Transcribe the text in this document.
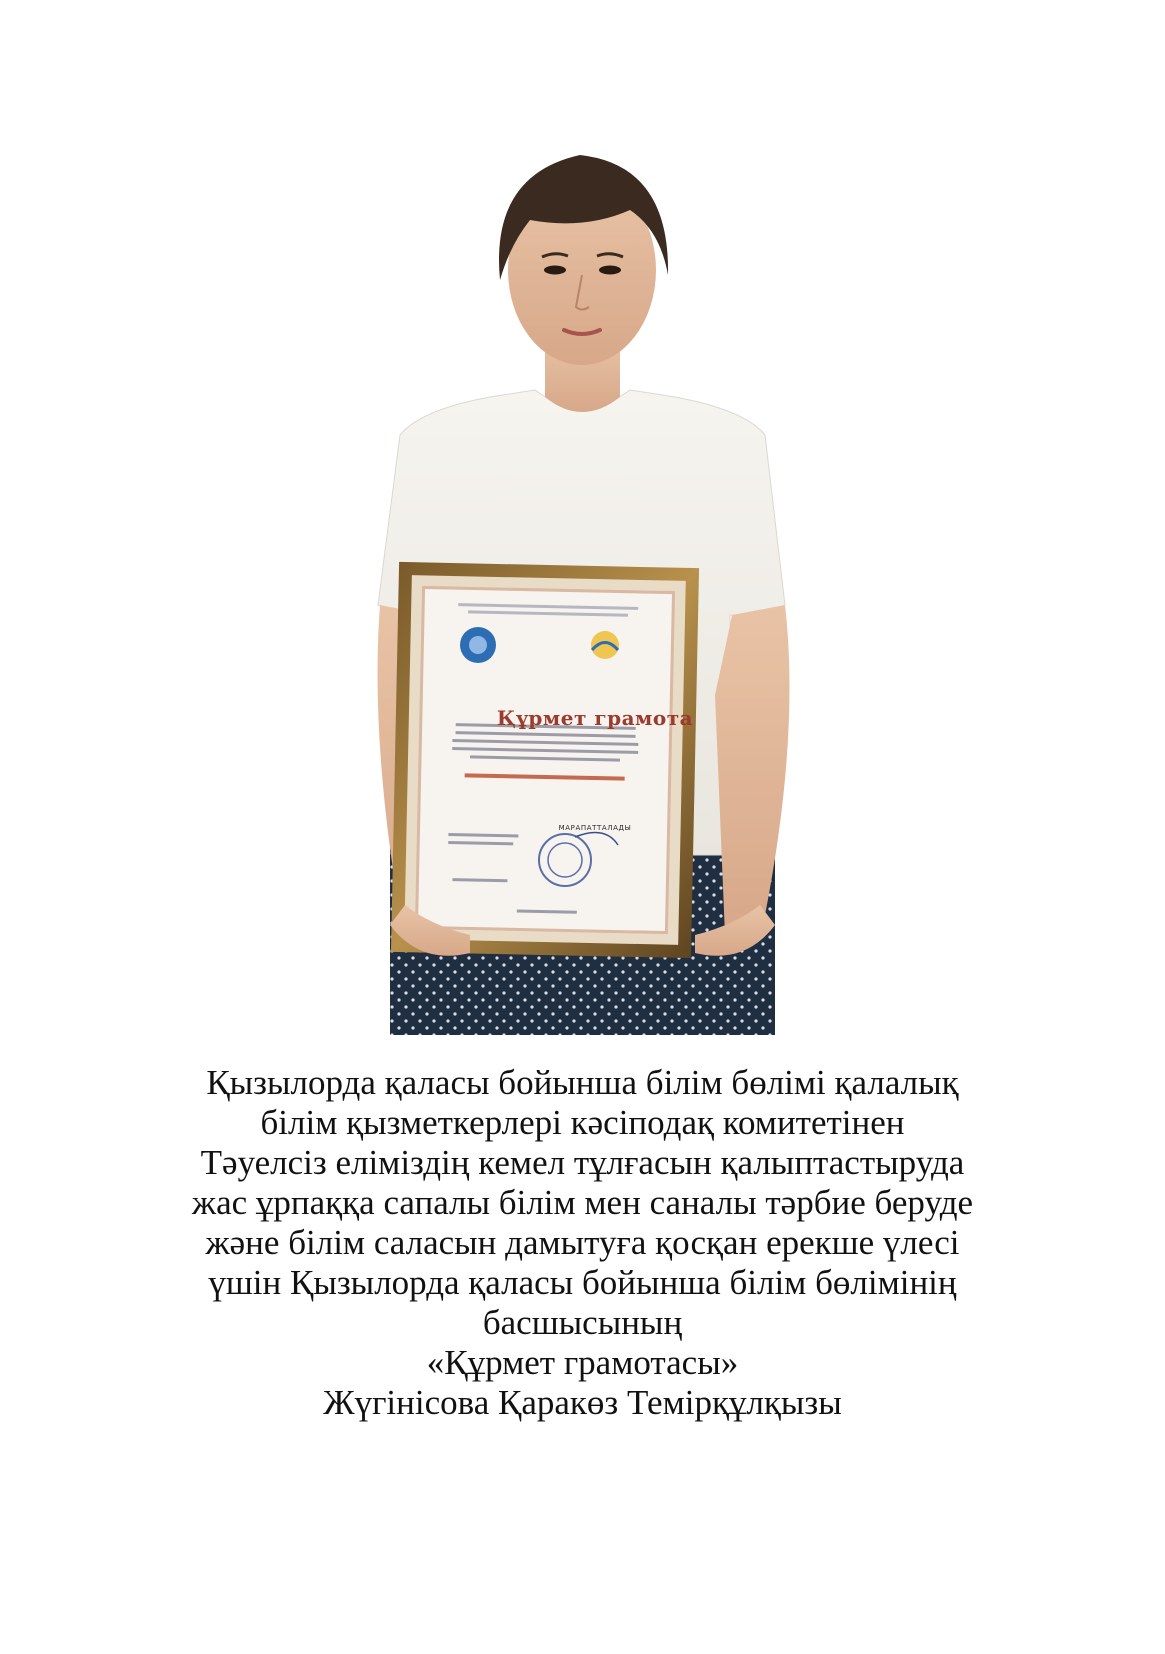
Құрмет грамота
МАРАПАТТАЛАДЫ
Қызылорда қаласы бойынша білім бөлімі қалалық
білім қызметкерлері кәсіподақ комитетінен
Тәуелсіз еліміздің кемел тұлғасын қалыптастыруда
жас ұрпаққа сапалы білім мен саналы тәрбие беруде
және білім саласын дамытуға қосқан ерекше үлесі
үшін Қызылорда қаласы бойынша білім бөлімінің
басшысының
«Құрмет грамотасы»
Жүгінісова Қаракөз Темірқұлқызы
